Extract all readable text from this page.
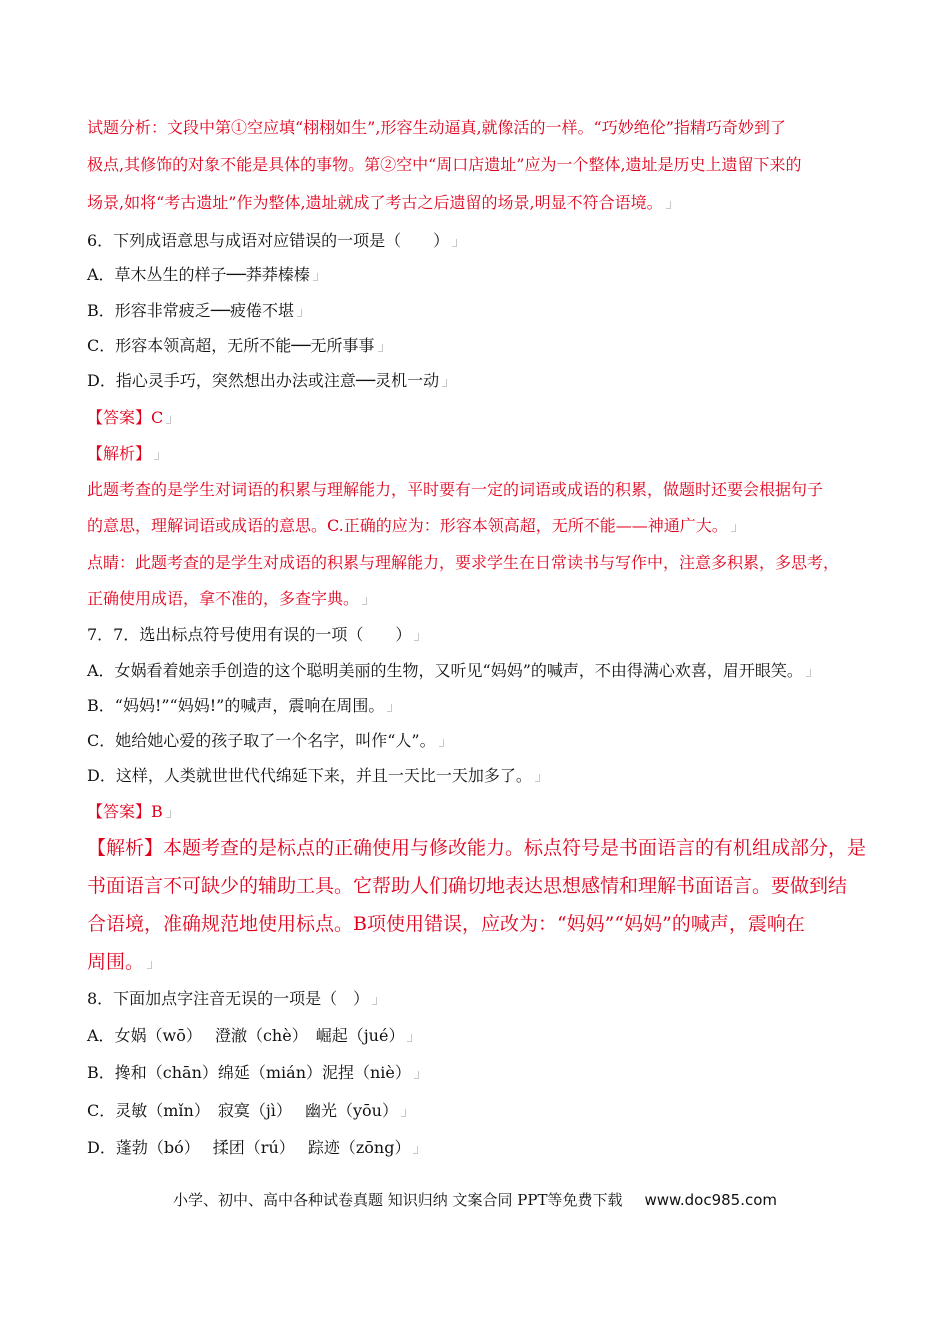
试题分析：文段中第①空应填“栩栩如生”,形容生动逼真,就像活的一样。“巧妙绝伦”指精巧奇妙到了
极点,其修饰的对象不能是具体的事物。第②空中“周口店遗址”应为一个整体,遗址是历史上遗留下来的
场景,如将“考古遗址”作为整体,遗址就成了考古之后遗留的场景,明显不符合语境。
6．下列成语意思与成语对应错误的一项是（　　）
A．草木丛生的样子──莽莽榛榛
B．形容非常疲乏──疲倦不堪
C．形容本领高超，无所不能──无所事事
D．指心灵手巧，突然想出办法或注意──灵机一动
【答案】C
【解析】
此题考查的是学生对词语的积累与理解能力，平时要有一定的词语或成语的积累，做题时还要会根据句子
的意思，理解词语或成语的意思。C.正确的应为：形容本领高超，无所不能——神通广大。
点睛：此题考查的是学生对成语的积累与理解能力，要求学生在日常读书与写作中，注意多积累，多思考，
正确使用成语，拿不准的，多查字典。
7．7．选出标点符号使用有误的一项（　　）
A．女娲看着她亲手创造的这个聪明美丽的生物，又听见“妈妈”的喊声，不由得满心欢喜，眉开眼笑。
B．“妈妈!”“妈妈!”的喊声，震响在周围。
C．她给她心爱的孩子取了一个名字，叫作“人”。
D．这样，人类就世世代代绵延下来，并且一天比一天加多了。
【答案】B
【解析】本题考查的是标点的正确使用与修改能力。标点符号是书面语言的有机组成部分，是
书面语言不可缺少的辅助工具。它帮助人们确切地表达思想感情和理解书面语言。要做到结
合语境，准确规范地使用标点。B项使用错误，应改为：“妈妈”“妈妈”的喊声，震响在
周围。
8．下面加点字注音无误的一项是（　）
A．女娲（wō）　 澄澈（chè）　崛起（jué）
B．搀和（chān）绵延（mián）泥捏（niè）
C．灵敏（mǐn）　寂寞（jì）　 幽光（yōu）
D．蓬勃（bó）　 揉团（rú）　 踪迹（zōng）
小学、初中、高中各种试卷真题 知识归纳 文案合同 PPT等免费下载 www.doc985.com
